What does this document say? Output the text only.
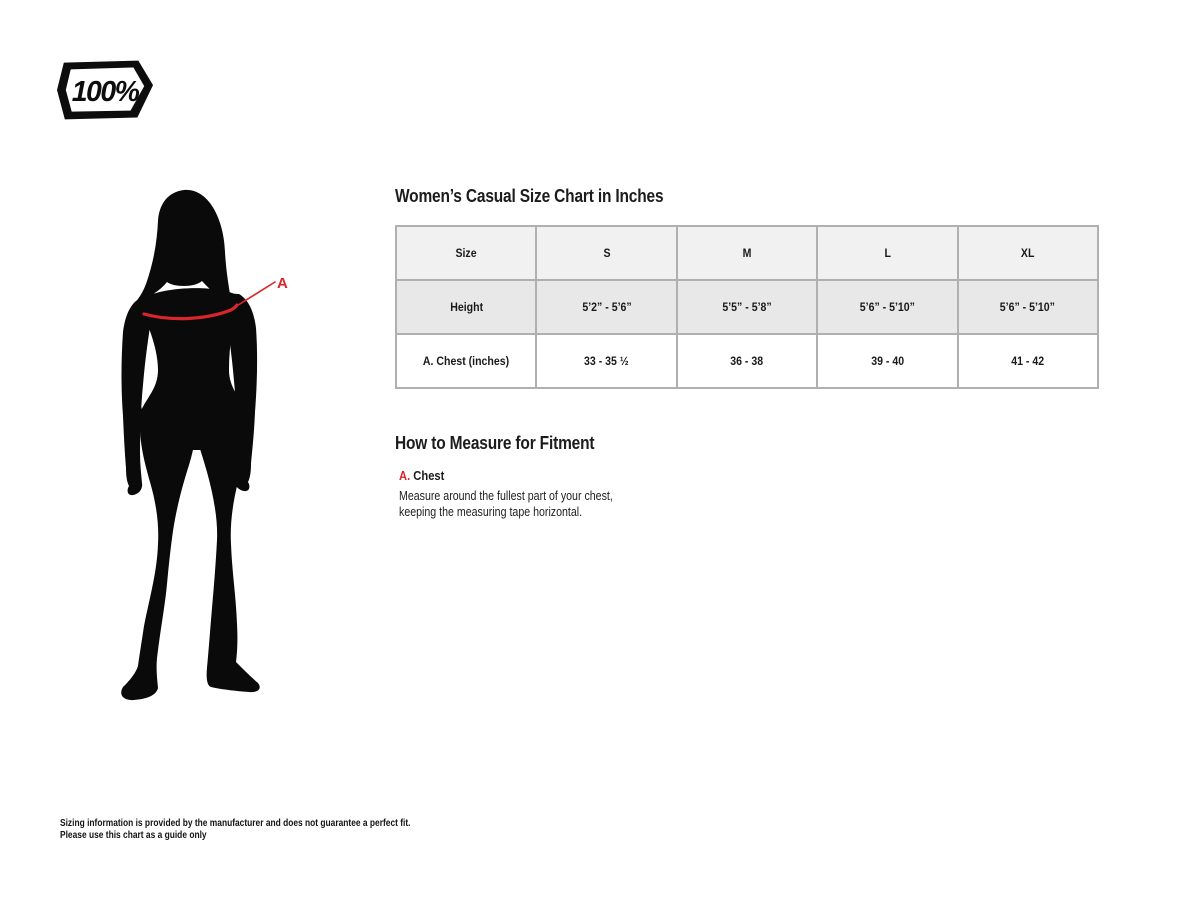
100%
A
Women’s Casual Size Chart in Inches
Size	S	M	L	XL
Height	5’2” - 5’6”	5’5” - 5’8”	5’6” - 5’10”	5’6” - 5’10”
A. Chest (inches)	33 - 35 ½	36 - 38	39 - 40	41 - 42
How to Measure for Fitment
A. Chest
Measure around the fullest part of your chest,
keeping the measuring tape horizontal.
Sizing information is provided by the manufacturer and does not guarantee a perfect fit.
Please use this chart as a guide only
